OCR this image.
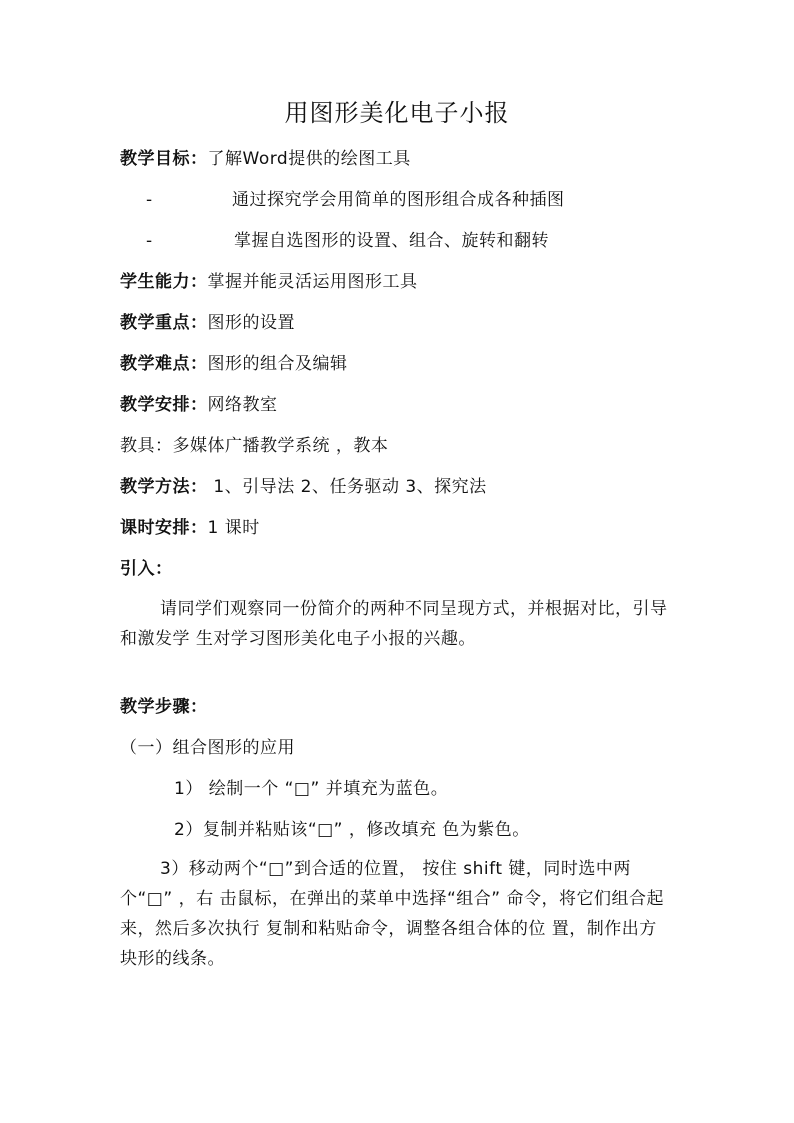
用图形美化电子小报
教学目标：了解Word提供的绘图工具
-	通过探究学会用简单的图形组合成各种插图
-	掌握自选图形的设置、组合、旋转和翻转
学生能力：掌握并能灵活运用图形工具
教学重点：图形的设置
教学难点：图形的组合及编辑
教学安排：网络教室
教具：多媒体广播教学系统 ，教本
教学方法： 1、引导法 2、任务驱动 3、探究法
课时安排：1 课时
引入：

请同学们观察同一份简介的两种不同呈现方式，并根据对比，引导和激发学 生对学习图形美化电子小报的兴趣。

教学步骤：
（一）组合图形的应用
1） 绘制一个 “□” 并填充为蓝色。
2）复制并粘贴该“□” ，修改填充 色为紫色。

3）移动两个“□”到合适的位置， 按住 shift 键，同时选中两个“□” ，右 击鼠标，在弹出的菜单中选择“组合” 命令，将它们组合起来，然后多次执行 复制和粘贴命令，调整各组合体的位 置，制作出方块形的线条。
